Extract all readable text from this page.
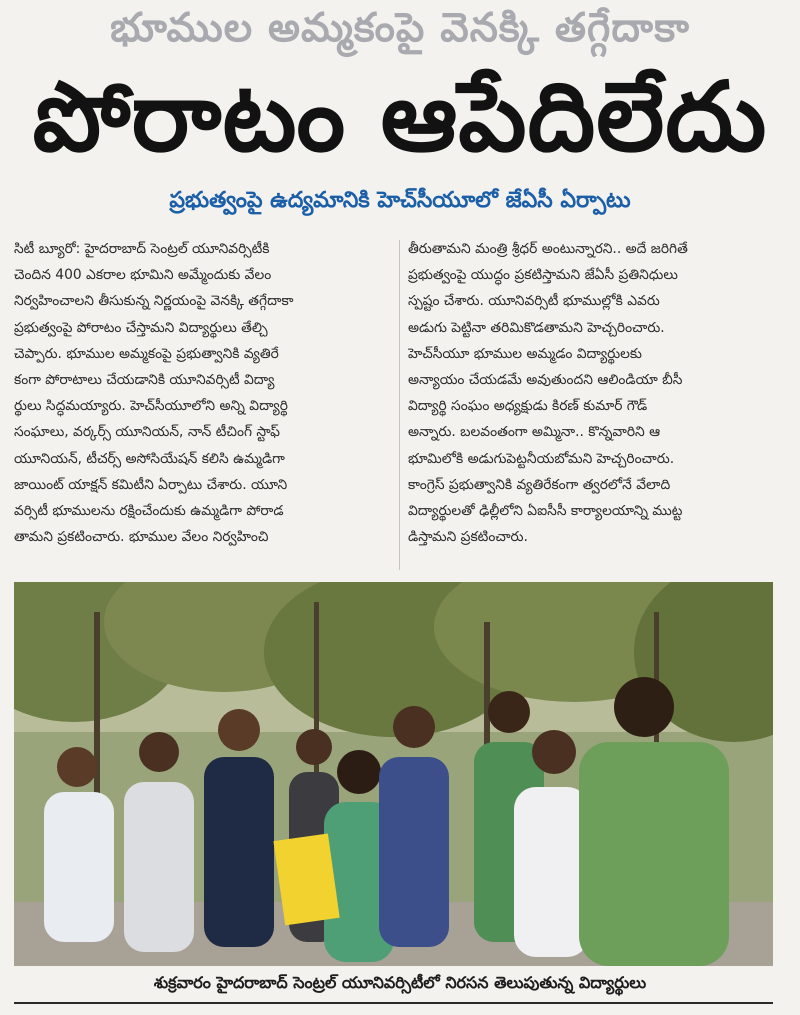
భూముల అమ్మకంపై వెనక్కి తగ్గేదాకా
పోరాటం ఆపేదిలేదు
ప్రభుత్వంపై ఉద్యమానికి హెచ్‌సీయూలో జేఏసీ ఏర్పాటు
సిటీ బ్యూరో: హైదరాబాద్ సెంట్రల్ యూనివర్సిటీకి
చెందిన 400 ఎకరాల భూమిని అమ్మేందుకు వేలం
నిర్వహించాలని తీసుకున్న నిర్ణయంపై వెనక్కి తగ్గేదాకా
ప్రభుత్వంపై పోరాటం చేస్తామని విద్యార్థులు తేల్చి
చెప్పారు. భూముల అమ్మకంపై ప్రభుత్వానికి వ్యతిరే
కంగా పోరాటాలు చేయడానికి యూనివర్సిటీ విద్యా
ర్థులు సిద్ధమయ్యారు. హెచ్‌సీయూలోని అన్ని విద్యార్థి
సంఘాలు, వర్కర్స్ యూనియన్, నాన్ టీచింగ్ స్టాఫ్
యూనియన్, టీచర్స్ అసోసియేషన్ కలిసి ఉమ్మడిగా
జాయింట్ యాక్షన్ కమిటీని ఏర్పాటు చేశారు. యూని
వర్సిటీ భూములను రక్షించేందుకు ఉమ్మడిగా పోరాడ
తామని ప్రకటించారు. భూముల వేలం నిర్వహించి
తీరుతామని మంత్రి శ్రీధర్ అంటున్నారని.. అదే జరిగితే
ప్రభుత్వంపై యుద్ధం ప్రకటిస్తామని జేఏసీ ప్రతినిధులు
స్పష్టం చేశారు. యూనివర్సిటీ భూముల్లోకి ఎవరు
అడుగు పెట్టినా తరిమికొడతామని హెచ్చరించారు.
హెచ్‌సీయూ భూముల అమ్మడం విద్యార్థులకు
అన్యాయం చేయడమే అవుతుందని ఆలిండియా బీసీ
విద్యార్థి సంఘం అధ్యక్షుడు కిరణ్ కుమార్ గౌడ్
అన్నారు. బలవంతంగా అమ్మినా.. కొన్నవారిని ఆ
భూమిలోకి అడుగుపెట్టనీయబోమని హెచ్చరించారు.
కాంగ్రెస్ ప్రభుత్వానికి వ్యతిరేకంగా త్వరలోనే వేలాది
విద్యార్థులతో ఢిల్లీలోని ఏఐసీసీ కార్యాలయాన్ని ముట్ట
డిస్తామని ప్రకటించారు.
శుక్రవారం హైదరాబాద్ సెంట్రల్ యూనివర్సిటీలో నిరసన తెలుపుతున్న విద్యార్థులు
